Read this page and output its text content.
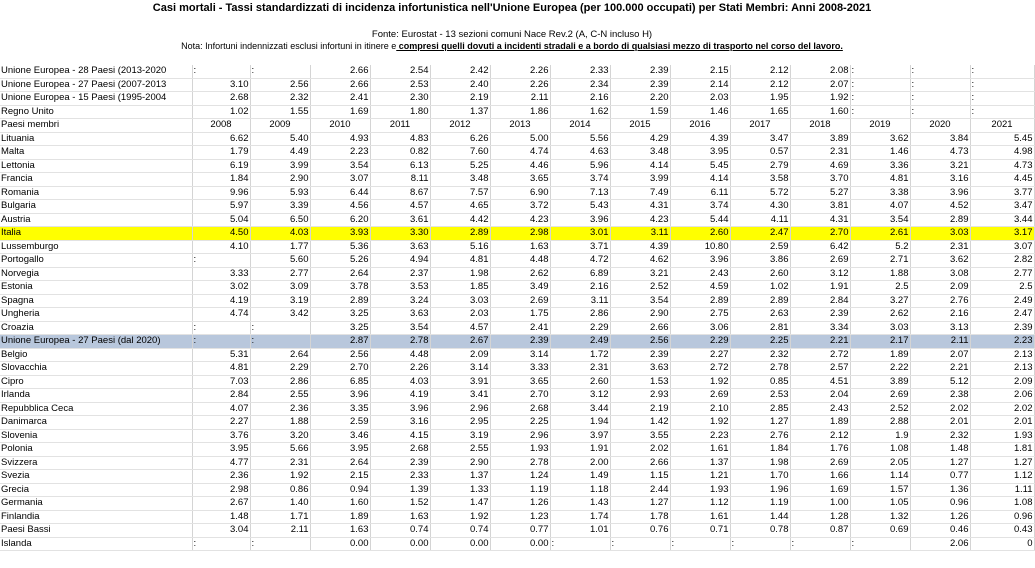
Casi mortali - Tassi standardizzati di incidenza infortunistica nell'Unione Europea (per 100.000 occupati) per Stati Membri: Anni 2008-2021
Fonte: Eurostat - 13 sezioni comuni Nace Rev.2 (A, C-N incluso H)
Nota: Infortuni indennizzati esclusi infortuni in itinere e compresi quelli dovuti a incidenti stradali e a bordo di qualsiasi mezzo di trasporto nel corso del lavoro.
Unione Europea - 28 Paesi (2013-2020	:	:	2.66	2.54	2.42	2.26	2.33	2.39	2.15	2.12	2.08	:	:	:
Unione Europea - 27 Paesi (2007-2013	3.10	2.56	2.66	2.53	2.40	2.26	2.34	2.39	2.14	2.12	2.07	:	:	:
Unione Europea - 15 Paesi (1995-2004	2.68	2.32	2.41	2.30	2.19	2.11	2.16	2.20	2.03	1.95	1.92	:	:	:
Regno Unito	1.02	1.55	1.69	1.80	1.37	1.86	1.62	1.59	1.46	1.65	1.60	:	:	:
Paesi membri	2008	2009	2010	2011	2012	2013	2014	2015	2016	2017	2018	2019	2020	2021
Lituania	6.62	5.40	4.93	4.83	6.26	5.00	5.56	4.29	4.39	3.47	3.89	3.62	3.84	5.45
Malta	1.79	4.49	2.23	0.82	7.60	4.74	4.63	3.48	3.95	0.57	2.31	1.46	4.73	4.98
Lettonia	6.19	3.99	3.54	6.13	5.25	4.46	5.96	4.14	5.45	2.79	4.69	3.36	3.21	4.73
Francia	1.84	2.90	3.07	8.11	3.48	3.65	3.74	3.99	4.14	3.58	3.70	4.81	3.16	4.45
Romania	9.96	5.93	6.44	8.67	7.57	6.90	7.13	7.49	6.11	5.72	5.27	3.38	3.96	3.77
Bulgaria	5.97	3.39	4.56	4.57	4.65	3.72	5.43	4.31	3.74	4.30	3.81	4.07	4.52	3.47
Austria	5.04	6.50	6.20	3.61	4.42	4.23	3.96	4.23	5.44	4.11	4.31	3.54	2.89	3.44
Italia	4.50	4.03	3.93	3.30	2.89	2.98	3.01	3.11	2.60	2.47	2.70	2.61	3.03	3.17
Lussemburgo	4.10	1.77	5.36	3.63	5.16	1.63	3.71	4.39	10.80	2.59	6.42	5.2	2.31	3.07
Portogallo	:	5.60	5.26	4.94	4.81	4.48	4.72	4.62	3.96	3.86	2.69	2.71	3.62	2.82
Norvegia	3.33	2.77	2.64	2.37	1.98	2.62	6.89	3.21	2.43	2.60	3.12	1.88	3.08	2.77
Estonia	3.02	3.09	3.78	3.53	1.85	3.49	2.16	2.52	4.59	1.02	1.91	2.5	2.09	2.5
Spagna	4.19	3.19	2.89	3.24	3.03	2.69	3.11	3.54	2.89	2.89	2.84	3.27	2.76	2.49
Ungheria	4.74	3.42	3.25	3.63	2.03	1.75	2.86	2.90	2.75	2.63	2.39	2.62	2.16	2.47
Croazia	:	:	3.25	3.54	4.57	2.41	2.29	2.66	3.06	2.81	3.34	3.03	3.13	2.39
Unione Europea - 27 Paesi (dal 2020)	:	:	2.87	2.78	2.67	2.39	2.49	2.56	2.29	2.25	2.21	2.17	2.11	2.23
Belgio	5.31	2.64	2.56	4.48	2.09	3.14	1.72	2.39	2.27	2.32	2.72	1.89	2.07	2.13
Slovacchia	4.81	2.29	2.70	2.26	3.14	3.33	2.31	3.63	2.72	2.78	2.57	2.22	2.21	2.13
Cipro	7.03	2.86	6.85	4.03	3.91	3.65	2.60	1.53	1.92	0.85	4.51	3.89	5.12	2.09
Irlanda	2.84	2.55	3.96	4.19	3.41	2.70	3.12	2.93	2.69	2.53	2.04	2.69	2.38	2.06
Repubblica Ceca	4.07	2.36	3.35	3.96	2.96	2.68	3.44	2.19	2.10	2.85	2.43	2.52	2.02	2.02
Danimarca	2.27	1.88	2.59	3.16	2.95	2.25	1.94	1.42	1.92	1.27	1.89	2.88	2.01	2.01
Slovenia	3.76	3.20	3.46	4.15	3.19	2.96	3.97	3.55	2.23	2.76	2.12	1.9	2.32	1.93
Polonia	3.95	5.66	3.95	2.68	2.55	1.93	1.91	2.02	1.61	1.84	1.76	1.08	1.48	1.81
Svizzera	4.77	2.31	2.64	2.39	2.90	2.78	2.00	2.66	1.37	1.98	2.69	2.05	1.27	1.27
Svezia	2.36	1.92	2.15	2.33	1.37	1.24	1.49	1.15	1.21	1.70	1.66	1.14	0.77	1.12
Grecia	2.98	0.86	0.94	1.39	1.33	1.19	1.18	2.44	1.93	1.96	1.69	1.57	1.36	1.11
Germania	2.67	1.40	1.60	1.52	1.47	1.26	1.43	1.27	1.12	1.19	1.00	1.05	0.96	1.08
Finlandia	1.48	1.71	1.89	1.63	1.92	1.23	1.74	1.78	1.61	1.44	1.28	1.32	1.26	0.96
Paesi Bassi	3.04	2.11	1.63	0.74	0.74	0.77	1.01	0.76	0.71	0.78	0.87	0.69	0.46	0.43
Islanda	:	:	0.00	0.00	0.00	0.00	:	:	:	:	:	:	2.06	0
